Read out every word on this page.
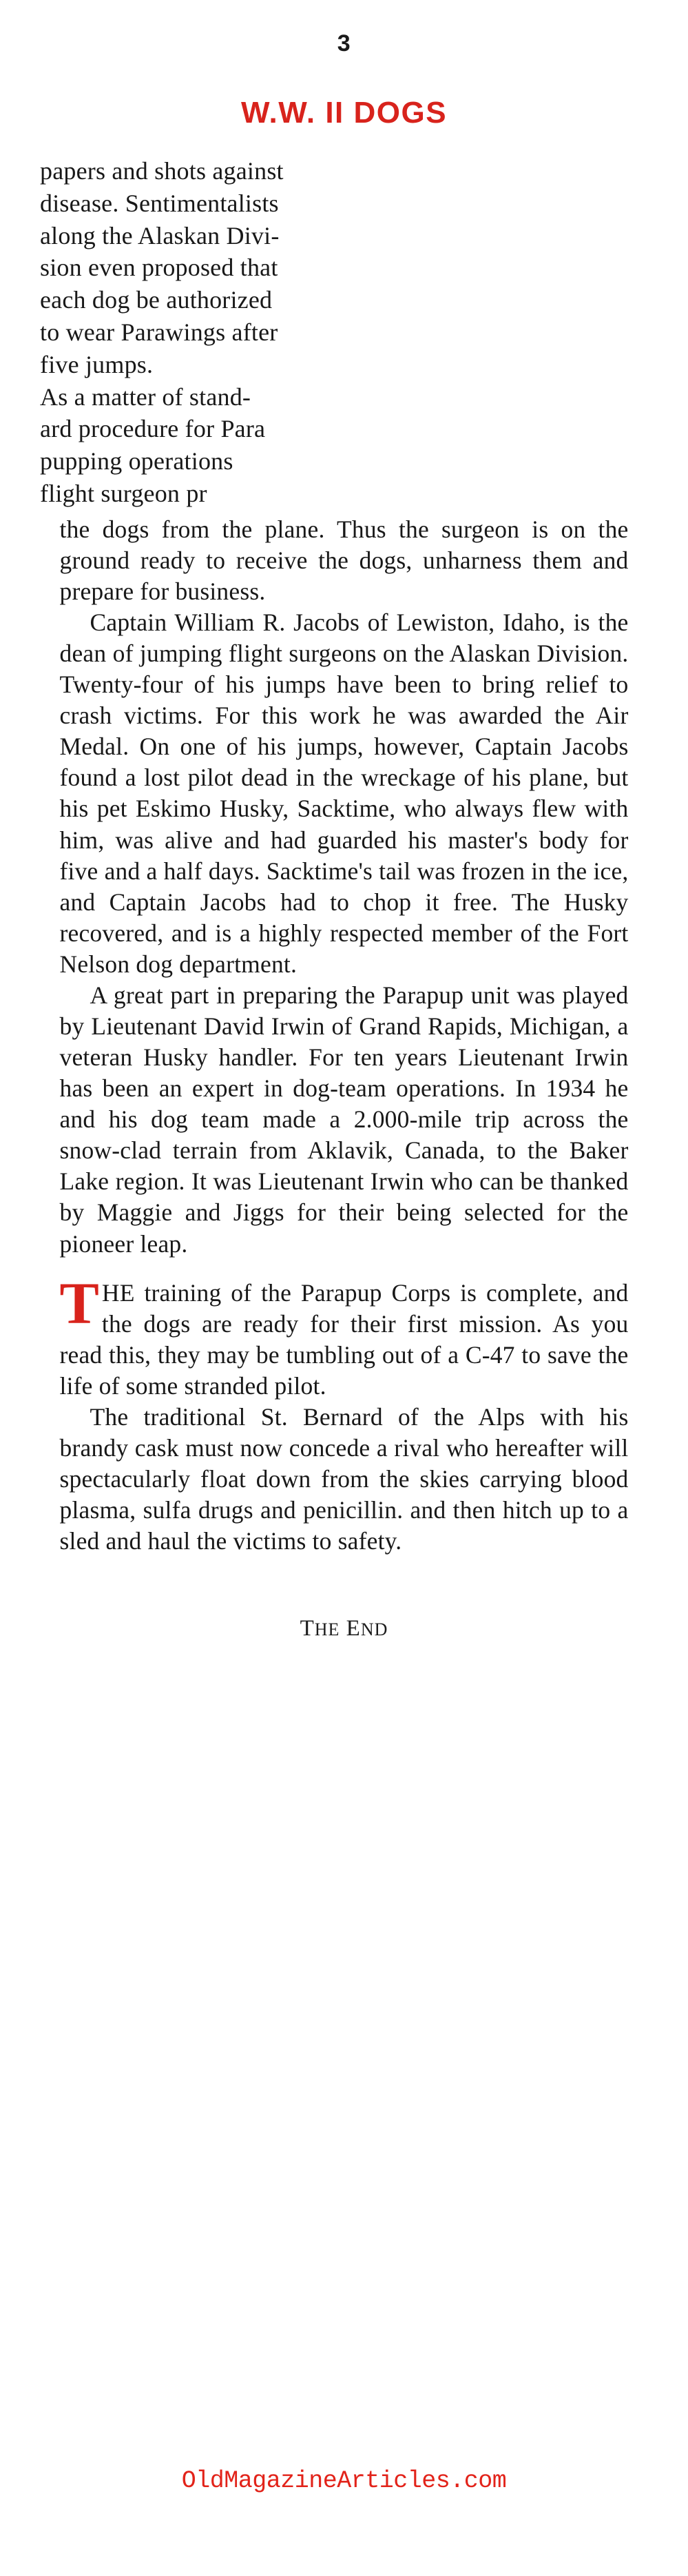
3
W.W. II DOGS

papers and shots against

disease. Sentimentalists

along the Alaskan Divi-

sion even proposed that

each dog be authorized

to wear Parawings after

five jumps.

As a matter of stand-

ard procedure for Para

pupping operations

flight surgeon pr

the dogs from the plane. Thus the surgeon is on the ground ready to receive the dogs, unharness them and prepare for business.

Captain William R. Jacobs of Lewiston, Idaho, is the dean of jumping flight surgeons on the Alaskan Division. Twenty-four of his jumps have been to bring relief to crash victims. For this work he was awarded the Air Medal. On one of his jumps, however, Captain Jacobs found a lost pilot dead in the wreckage of his plane, but his pet Eskimo Husky, Sacktime, who always flew with him, was alive and had guarded his master's body for five and a half days. Sacktime's tail was frozen in the ice, and Captain Jacobs had to chop it free. The Husky recovered, and is a highly respected member of the Fort Nelson dog department.

A great part in preparing the Parapup unit was played by Lieutenant David Irwin of Grand Rapids, Michigan, a veteran Husky handler. For ten years Lieutenant Irwin has been an expert in dog-team operations. In 1934 he and his dog team made a 2.000-mile trip across the snow-clad terrain from Aklavik, Canada, to the Baker Lake region. It was Lieutenant Irwin who can be thanked by Maggie and Jiggs for their being selected for the pioneer leap.

T HE training of the Parapup Corps is complete, and the dogs are ready for their first mission. As you read this, they may be tumbling out of a C-47 to save the life of some stranded pilot.

The traditional St. Bernard of the Alps with his brandy cask must now concede a rival who hereafter will spectacularly float down from the skies carrying blood plasma, sulfa drugs and penicillin. and then hitch up to a sled and haul the victims to safety.

THE END
OldMagazineArticles.com
